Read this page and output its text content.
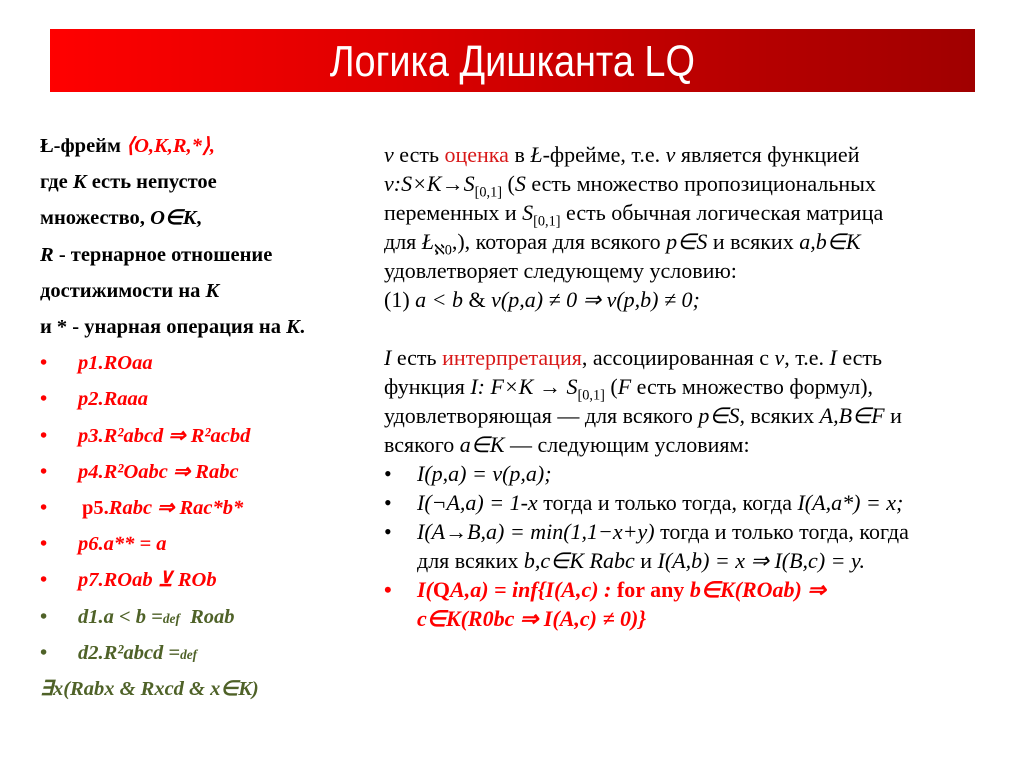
Логика Дишканта LQ
Ł-фрейм ⟨O,K,R,*⟩,
где K есть непустое
множество, O∈K,
R - тернарное отношение
достижимости на K
и * - унарная операция на K.
•	p1. ROaa
•	p2. Raaa
•	p3. R²abcd ⇒ R²acbd
•	p4. R²Oabc ⇒ Rabc
•	p5. Rabc ⇒ Rac*b*
•	p6. a** = a
•	p7. ROab ⊻ ROb
•	d1. a < b = def Roab
•	d2. R²abcd = def
∃x(Rabx & Rxcd & x∈K)
v есть оценка в Ł-фрейме, т.е. v является функцией
$\nu:S\times K\to S_{[0,1]}$ (S есть множество пропозициональных
переменных и $S_{[0,1]}$ есть обычная логическая матрица
для $Ł_{ℵ0}$,), которая для всякого p∈S и всяких a,b∈K
удовлетворяет следующему условию:
(1) a < b & v(p,a) ≠ 0 ⇒ v(p,b) ≠ 0;
I есть интерпретация, ассоциированная с v, т.е. I есть
функция I: $F\times K \to S_{[0,1]}$ (F есть множество формул),
удовлетворяющая — для всякого p∈S, всяких A,B∈F и
всякого a∈K — следующим условиям:
•	I(p,a) = v(p,a);
•	I(¬A,a) = 1-x тогда и только тогда, когда I(A,a*) = x;
•	I(A→B,a) = min(1,1−x+y) тогда и только тогда, когда
для всяких b,c∈K Rabc и I(A,b) = x ⇒ I(B,c) = y.
•	I(QA,a) = inf{I(A,c) : for any b∈K(ROab) ⇒
c∈K(R0bc ⇒ I(A,c) ≠ 0)}
